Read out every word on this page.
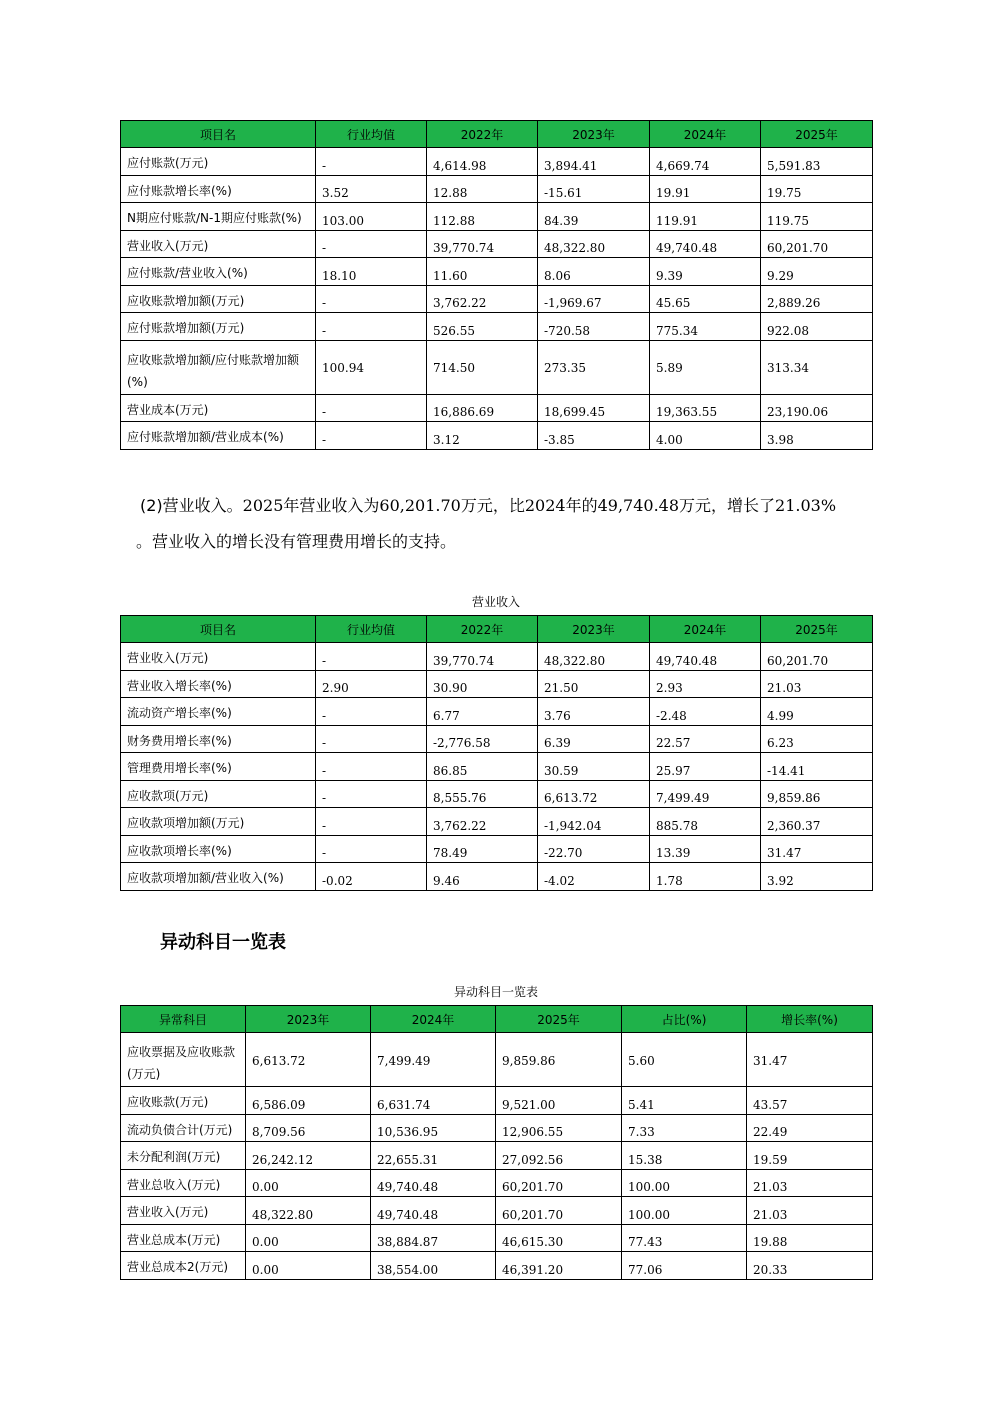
项目名	行业均值	2022年	2023年	2024年	2025年
应付账款(万元)	-	4,614.98	3,894.41	4,669.74	5,591.83
应付账款增长率(%)	3.52	12.88	-15.61	19.91	19.75
N期应付账款/N-1期应付账款(%)	103.00	112.88	84.39	119.91	119.75
营业收入(万元)	-	39,770.74	48,322.80	49,740.48	60,201.70
应付账款/营业收入(%)	18.10	11.60	8.06	9.39	9.29
应收账款增加额(万元)	-	3,762.22	-1,969.67	45.65	2,889.26
应付账款增加额(万元)	-	526.55	-720.58	775.34	922.08
应收账款增加额/应付账款增加额(%)	100.94	714.50	273.35	5.89	313.34
营业成本(万元)	-	16,886.69	18,699.45	19,363.55	23,190.06
应付账款增加额/营业成本(%)	-	3.12	-3.85	4.00	3.98
(2)营业收入。2025年营业收入为60,201.70万元，比2024年的49,740.48万元，增长了21.03%
。营业收入的增长没有管理费用增长的支持。
营业收入
项目名	行业均值	2022年	2023年	2024年	2025年
营业收入(万元)	-	39,770.74	48,322.80	49,740.48	60,201.70
营业收入增长率(%)	2.90	30.90	21.50	2.93	21.03
流动资产增长率(%)	-	6.77	3.76	-2.48	4.99
财务费用增长率(%)	-	-2,776.58	6.39	22.57	6.23
管理费用增长率(%)	-	86.85	30.59	25.97	-14.41
应收款项(万元)	-	8,555.76	6,613.72	7,499.49	9,859.86
应收款项增加额(万元)	-	3,762.22	-1,942.04	885.78	2,360.37
应收款项增长率(%)	-	78.49	-22.70	13.39	31.47
应收款项增加额/营业收入(%)	-0.02	9.46	-4.02	1.78	3.92
异动科目一览表
异动科目一览表
异常科目	2023年	2024年	2025年	占比(%)	增长率(%)
应收票据及应收账款(万元)	6,613.72	7,499.49	9,859.86	5.60	31.47
应收账款(万元)	6,586.09	6,631.74	9,521.00	5.41	43.57
流动负债合计(万元)	8,709.56	10,536.95	12,906.55	7.33	22.49
未分配利润(万元)	26,242.12	22,655.31	27,092.56	15.38	19.59
营业总收入(万元)	0.00	49,740.48	60,201.70	100.00	21.03
营业收入(万元)	48,322.80	49,740.48	60,201.70	100.00	21.03
营业总成本(万元)	0.00	38,884.87	46,615.30	77.43	19.88
营业总成本2(万元)	0.00	38,554.00	46,391.20	77.06	20.33
